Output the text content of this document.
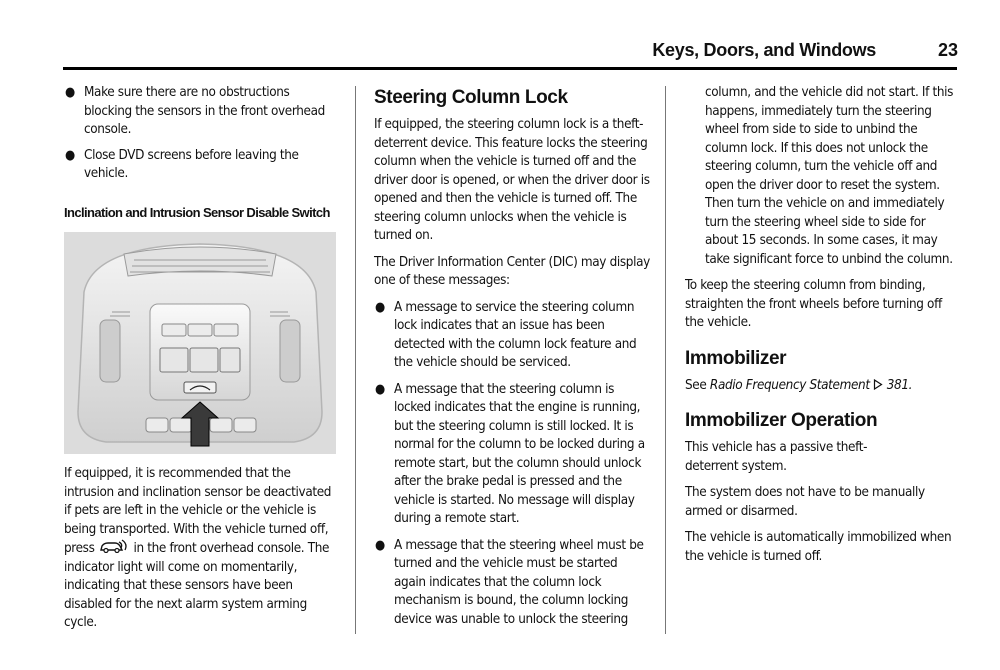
Keys, Doors, and Windows	23
● Make sure there are no obstructions blocking the sensors in the front overhead console.
● Close DVD screens before leaving the vehicle.
Inclination and Intrusion Sensor Disable Switch

If equipped, it is recommended that the intrusion and inclination sensor be deactivated if pets are left in the vehicle or the vehicle is being transported. With the vehicle turned off, press	in the front overhead console. The indicator light will come on momentarily, indicating that these sensors have been disabled for the next alarm system arming cycle.

Steering Column Lock

If equipped, the steering column lock is a theft-deterrent device. This feature locks the steering column when the vehicle is turned off and the driver door is opened, or when the driver door is opened and then the vehicle is turned off. The steering column unlocks when the vehicle is turned on.

The Driver Information Center (DIC) may display one of these messages:

● A message to service the steering column lock indicates that an issue has been detected with the column lock feature and the vehicle should be serviced.
● A message that the steering column is locked indicates that the engine is running, but the steering column is still locked. It is normal for the column to be locked during a remote start, but the column should unlock after the brake pedal is pressed and the vehicle is started. No message will display during a remote start.
● A message that the steering wheel must be turned and the vehicle must be started again indicates that the column lock mechanism is bound, the column locking device was unable to unlock the steering

column, and the vehicle did not start. If this happens, immediately turn the steering wheel from side to side to unbind the column lock. If this does not unlock the steering column, turn the vehicle off and open the driver door to reset the system. Then turn the vehicle on and immediately turn the steering wheel side to side for about 15 seconds. In some cases, it may take significant force to unbind the column.

To keep the steering column from binding, straighten the front wheels before turning off the vehicle.

Immobilizer

See Radio Frequency Statement 381.

Immobilizer Operation

This vehicle has a passive theft-deterrent system.

The system does not have to be manually armed or disarmed.

The vehicle is automatically immobilized when the vehicle is turned off.
